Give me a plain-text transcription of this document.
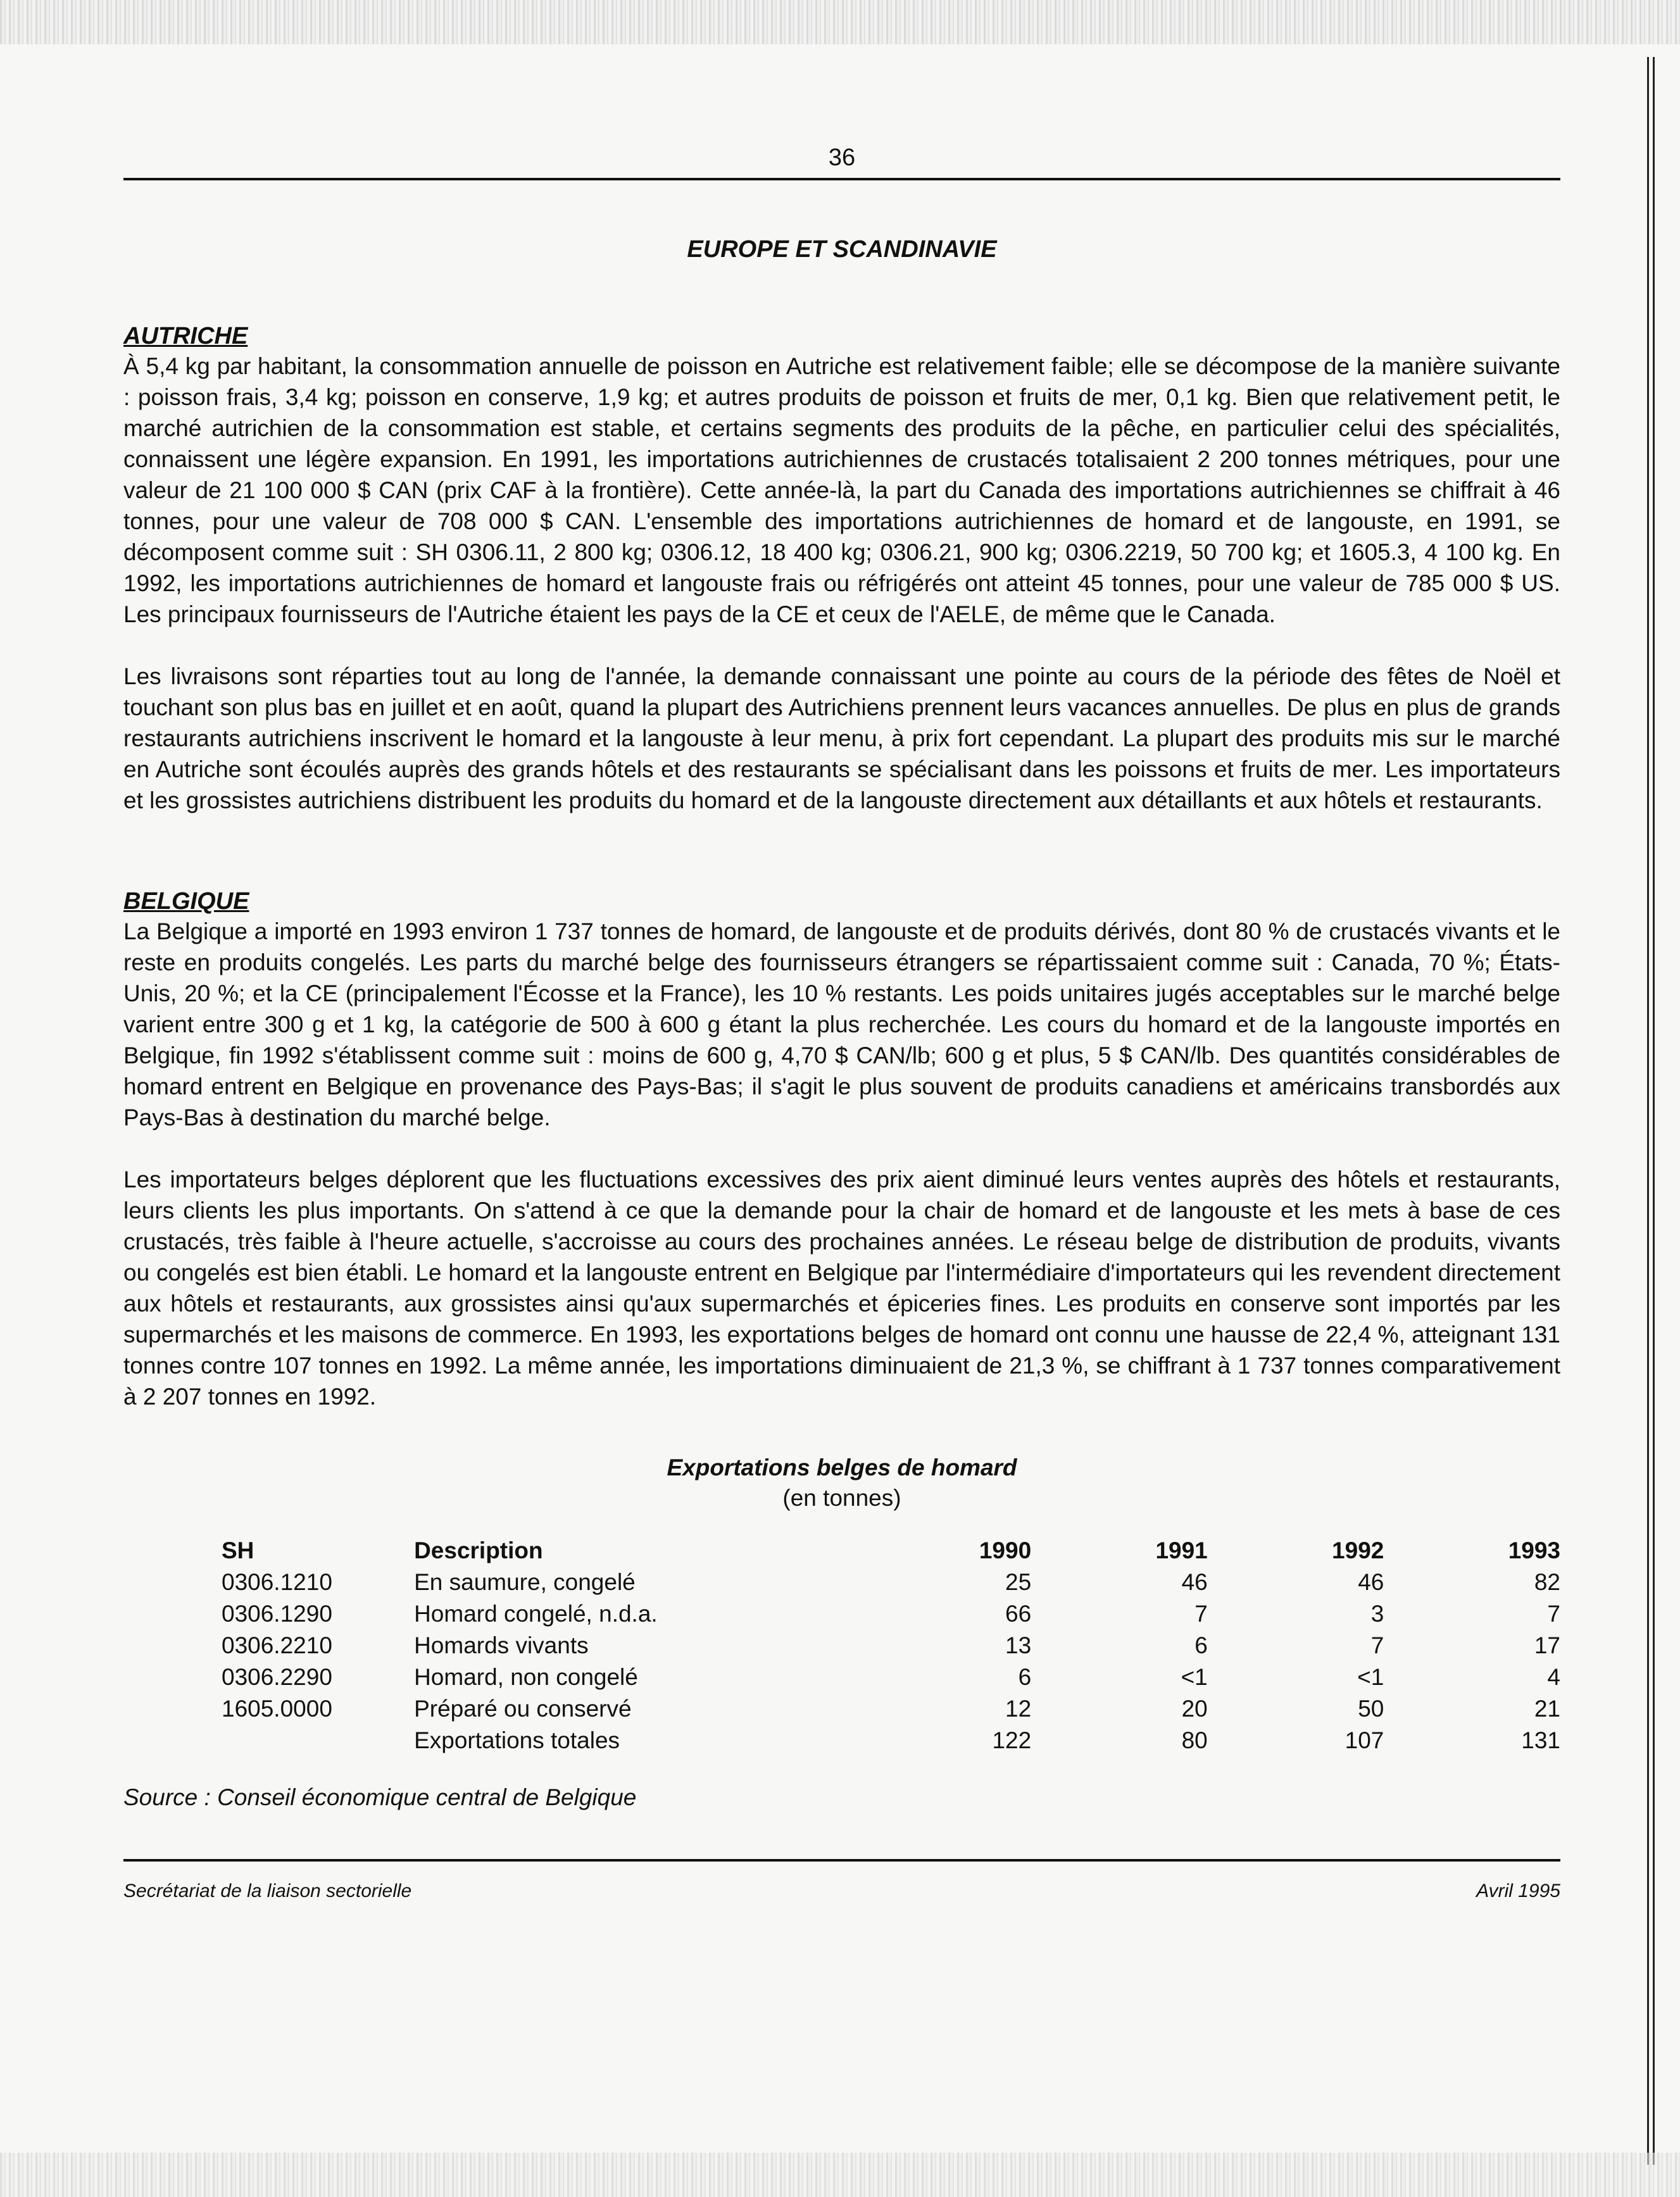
36
EUROPE ET SCANDINAVIE
AUTRICHE

À 5,4 kg par habitant, la consommation annuelle de poisson en Autriche est relativement faible; elle se décompose de la manière suivante : poisson frais, 3,4 kg; poisson en conserve, 1,9 kg; et autres produits de poisson et fruits de mer, 0,1 kg. Bien que relativement petit, le marché autrichien de la consommation est stable, et certains segments des produits de la pêche, en particulier celui des spécialités, connaissent une légère expansion. En 1991, les importations autrichiennes de crustacés totalisaient 2 200 tonnes métriques, pour une valeur de 21 100 000 $ CAN (prix CAF à la frontière). Cette année-là, la part du Canada des importations autrichiennes se chiffrait à 46 tonnes, pour une valeur de 708 000 $ CAN. L'ensemble des importations autrichiennes de homard et de langouste, en 1991, se décomposent comme suit : SH 0306.11, 2 800 kg; 0306.12, 18 400 kg; 0306.21, 900 kg; 0306.2219, 50 700 kg; et 1605.3, 4 100 kg. En 1992, les importations autrichiennes de homard et langouste frais ou réfrigérés ont atteint 45 tonnes, pour une valeur de 785 000 $ US. Les principaux fournisseurs de l'Autriche étaient les pays de la CE et ceux de l'AELE, de même que le Canada.

Les livraisons sont réparties tout au long de l'année, la demande connaissant une pointe au cours de la période des fêtes de Noël et touchant son plus bas en juillet et en août, quand la plupart des Autrichiens prennent leurs vacances annuelles. De plus en plus de grands restaurants autrichiens inscrivent le homard et la langouste à leur menu, à prix fort cependant. La plupart des produits mis sur le marché en Autriche sont écoulés auprès des grands hôtels et des restaurants se spécialisant dans les poissons et fruits de mer. Les importateurs et les grossistes autrichiens distribuent les produits du homard et de la langouste directement aux détaillants et aux hôtels et restaurants.

BELGIQUE

La Belgique a importé en 1993 environ 1 737 tonnes de homard, de langouste et de produits dérivés, dont 80 % de crustacés vivants et le reste en produits congelés. Les parts du marché belge des fournisseurs étrangers se répartissaient comme suit : Canada, 70 %; États-Unis, 20 %; et la CE (principalement l'Écosse et la France), les 10 % restants. Les poids unitaires jugés acceptables sur le marché belge varient entre 300 g et 1 kg, la catégorie de 500 à 600 g étant la plus recherchée. Les cours du homard et de la langouste importés en Belgique, fin 1992 s'établissent comme suit : moins de 600 g, 4,70 $ CAN/lb; 600 g et plus, 5 $ CAN/lb. Des quantités considérables de homard entrent en Belgique en provenance des Pays-Bas; il s'agit le plus souvent de produits canadiens et américains transbordés aux Pays-Bas à destination du marché belge.

Les importateurs belges déplorent que les fluctuations excessives des prix aient diminué leurs ventes auprès des hôtels et restaurants, leurs clients les plus importants. On s'attend à ce que la demande pour la chair de homard et de langouste et les mets à base de ces crustacés, très faible à l'heure actuelle, s'accroisse au cours des prochaines années. Le réseau belge de distribution de produits, vivants ou congelés est bien établi. Le homard et la langouste entrent en Belgique par l'intermédiaire d'importateurs qui les revendent directement aux hôtels et restaurants, aux grossistes ainsi qu'aux supermarchés et épiceries fines. Les produits en conserve sont importés par les supermarchés et les maisons de commerce. En 1993, les exportations belges de homard ont connu une hausse de 22,4 %, atteignant 131 tonnes contre 107 tonnes en 1992. La même année, les importations diminuaient de 21,3 %, se chiffrant à 1 737 tonnes comparativement à 2 207 tonnes en 1992.

Exportations belges de homard
(en tonnes)
SH	Description	1990	1991	1992	1993
0306.1210	En saumure, congelé	25	46	46	82
0306.1290	Homard congelé, n.d.a.	66	7	3	7
0306.2210	Homards vivants	13	6	7	17
0306.2290	Homard, non congelé	6	<1	<1	4
1605.0000	Préparé ou conservé	12	20	50	21
	Exportations totales	122	80	107	131
Source : Conseil économique central de Belgique
Secrétariat de la liaison sectorielle	Avril 1995
